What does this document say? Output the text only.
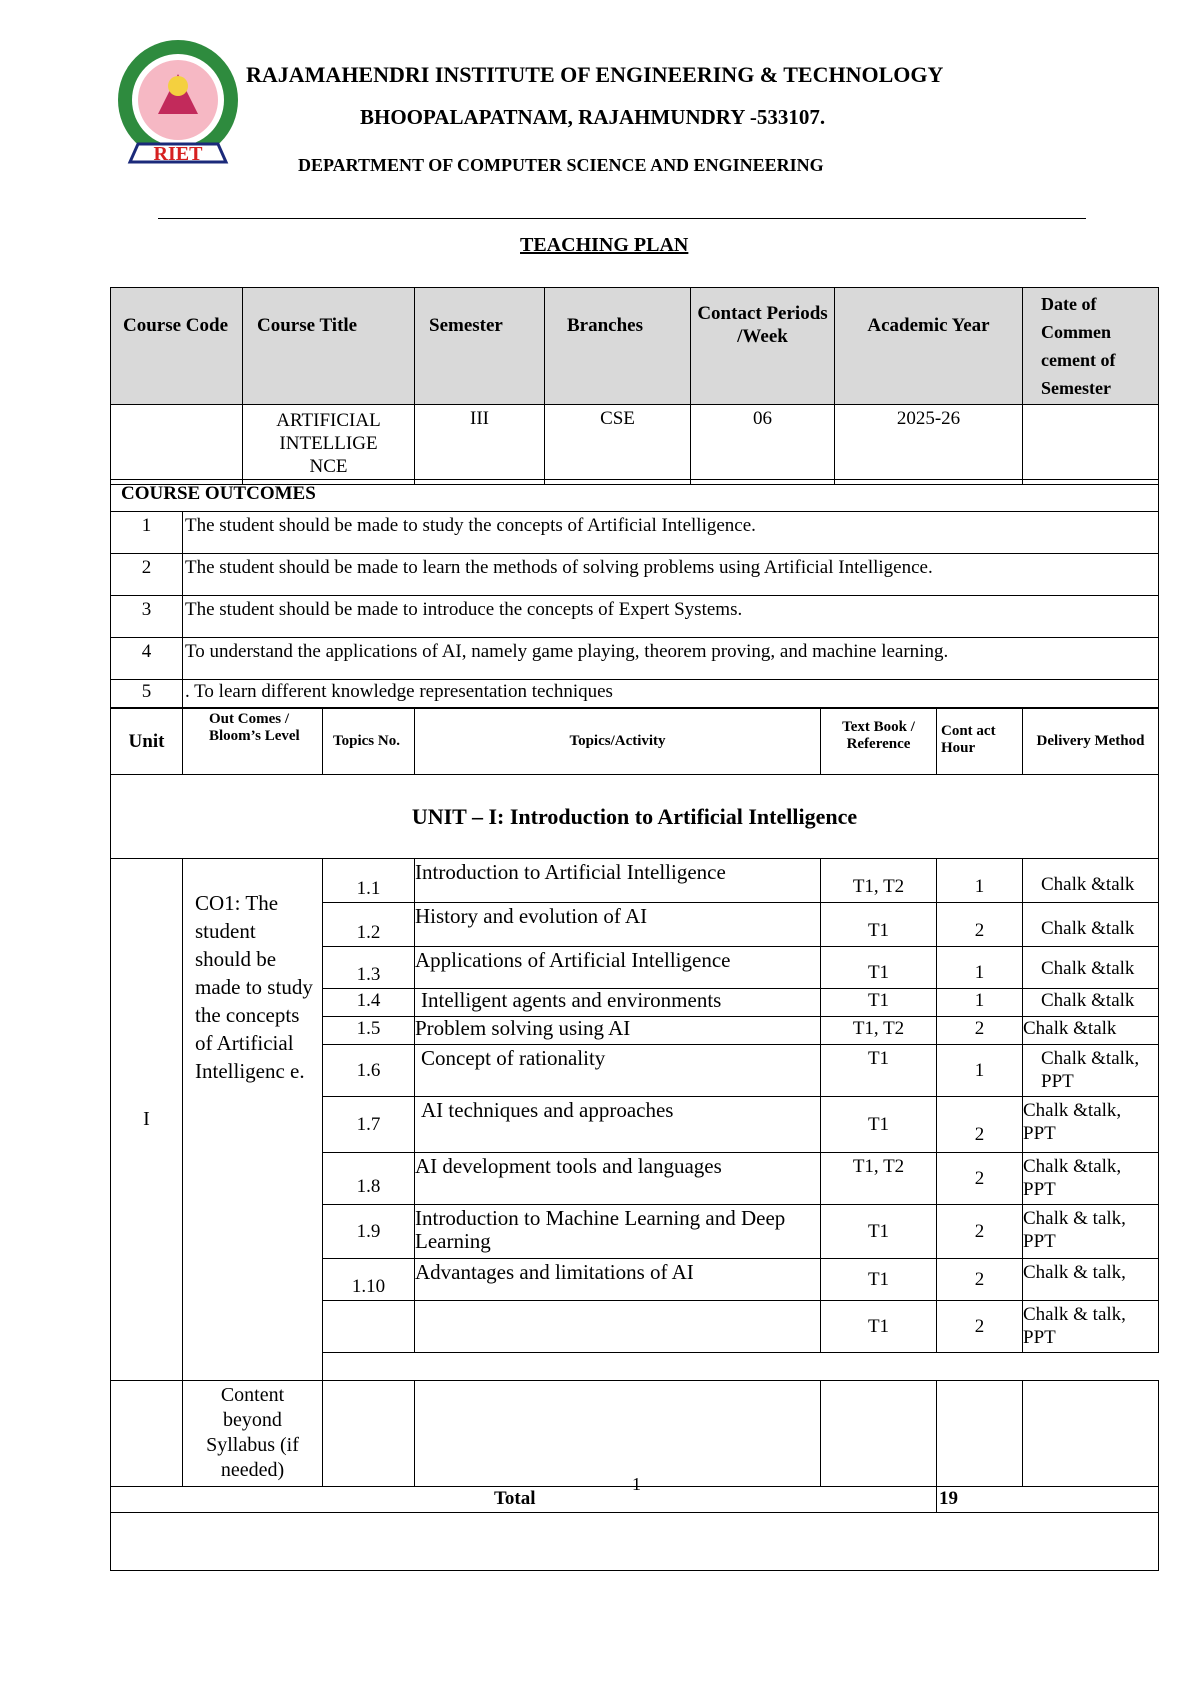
RIET
RAJAMAHENDRI INSTITUTE OF ENGINEERING & TECHNOLOGY
BHOOPALAPATNAM, RAJAHMUNDRY -533107.
DEPARTMENT OF COMPUTER SCIENCE AND ENGINEERING
TEACHING PLAN
Course Code	Course Title	Semester	Branches	Contact Periods /Week	Academic Year	Date of Commen cement of Semester
	ARTIFICIAL INTELLIGE NCE	III	CSE	06	2025-26	
COURSE OUTCOMES	
1	The student should be made to study the concepts of Artificial Intelligence.
2	The student should be made to learn the methods of solving problems using Artificial Intelligence.
3	The student should be made to introduce the concepts of Expert Systems.
4	To understand the applications of AI, namely game playing, theorem proving, and machine learning.
5	. To learn different knowledge representation techniques
Unit	Out Comes / Bloom’s Level	Topics No.	Topics/Activity	Text Book / Reference	Cont act Hour	Delivery Method
UNIT – I: Introduction to Artificial Intelligence						
I	CO1: The student should be made to study the concepts of Artificial Intelligenc e.	1.1	Introduction to Artificial Intelligence	T1, T2	1	Chalk &talk
		1.2	History and evolution of AI	T1	2	Chalk &talk
		1.3	Applications of Artificial Intelligence	T1	1	Chalk &talk
		1.4	Intelligent agents and environments	T1	1	Chalk &talk
		1.5	Problem solving using AI	T1, T2	2	Chalk &talk
		1.6	Concept of rationality	T1	1	Chalk &talk, PPT
		1.7	AI techniques and approaches	T1	2	Chalk &talk, PPT
		1.8	AI development tools and languages	T1, T2	2	Chalk &talk, PPT
		1.9	Introduction to Machine Learning and Deep Learning	T1	2	Chalk & talk, PPT
		1.10	Advantages and limitations of AI	T1	2	Chalk & talk,
				T1	2	Chalk & talk, PPT

	Content beyond Syllabus (if needed)					
Total					19	

1
